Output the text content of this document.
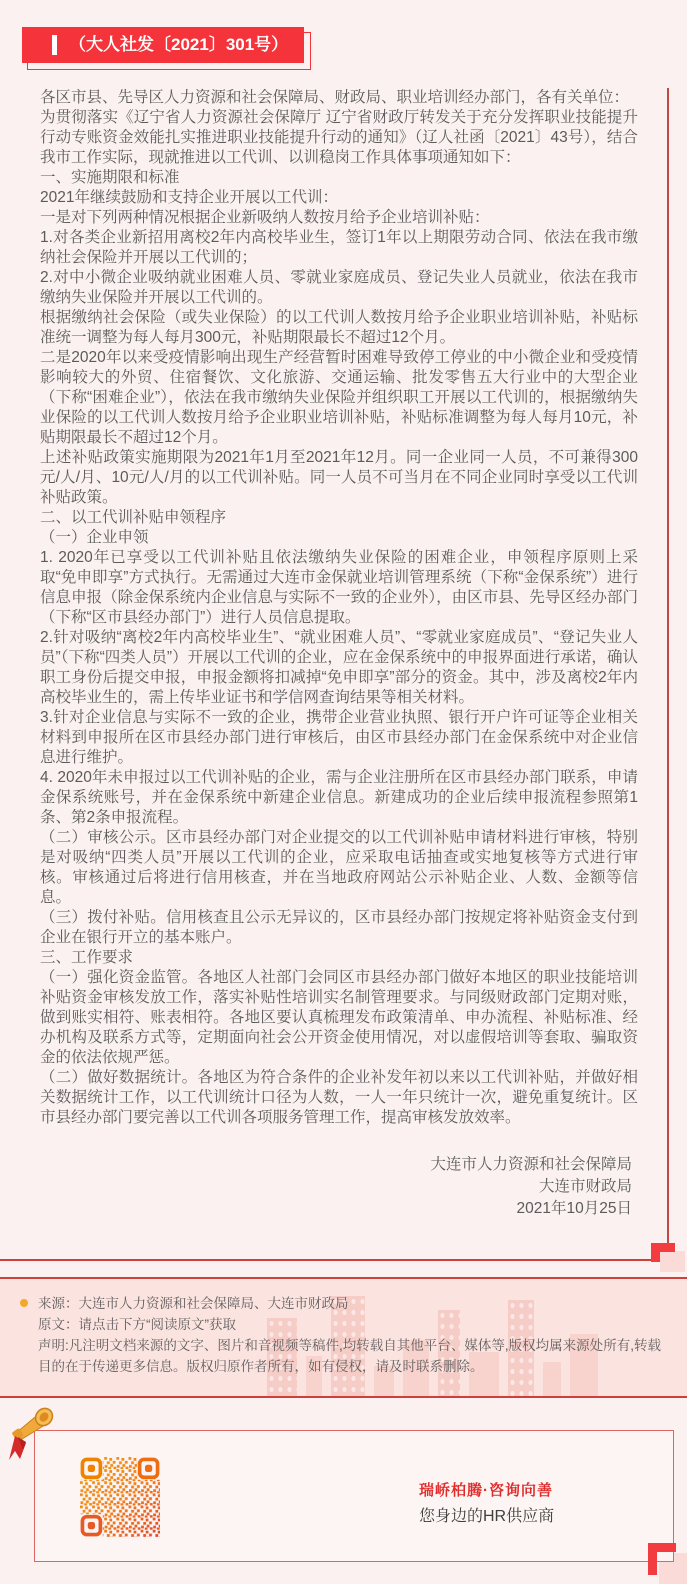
（大人社发〔2021〕301号）

各区市县、先导区人力资源和社会保障局、财政局、职业培训经办部门，各有关单位：

为贯彻落实《辽宁省人力资源社会保障厅 辽宁省财政厅转发关于充分发挥职业技能提升行动专账资金效能扎实推进职业技能提升行动的通知》（辽人社函〔2021〕43号），结合我市工作实际，现就推进以工代训、以训稳岗工作具体事项通知如下：

一、实施期限和标准

2021年继续鼓励和支持企业开展以工代训：

一是对下列两种情况根据企业新吸纳人数按月给予企业培训补贴：

1.对各类企业新招用离校2年内高校毕业生，签订1年以上期限劳动合同、依法在我市缴纳社会保险并开展以工代训的；

2.对中小微企业吸纳就业困难人员、零就业家庭成员、登记失业人员就业，依法在我市缴纳失业保险并开展以工代训的。

根据缴纳社会保险（或失业保险）的以工代训人数按月给予企业职业培训补贴，补贴标准统一调整为每人每月300元，补贴期限最长不超过12个月。

二是2020年以来受疫情影响出现生产经营暂时困难导致停工停业的中小微企业和受疫情影响较大的外贸、住宿餐饮、文化旅游、交通运输、批发零售五大行业中的大型企业（下称“困难企业”），依法在我市缴纳失业保险并组织职工开展以工代训的，根据缴纳失业保险的以工代训人数按月给予企业职业培训补贴，补贴标准调整为每人每月10元，补贴期限最长不超过12个月。

上述补贴政策实施期限为2021年1月至2021年12月。同一企业同一人员，不可兼得300元/人/月、10元/人/月的以工代训补贴。同一人员不可当月在不同企业同时享受以工代训补贴政策。

二、以工代训补贴申领程序

（一）企业申领

1. 2020年已享受以工代训补贴且依法缴纳失业保险的困难企业，申领程序原则上采取“免申即享”方式执行。无需通过大连市金保就业培训管理系统（下称“金保系统”）进行信息申报（除金保系统内企业信息与实际不一致的企业外），由区市县、先导区经办部门（下称“区市县经办部门”）进行人员信息提取。

2.针对吸纳“离校2年内高校毕业生”、“就业困难人员”、“零就业家庭成员”、“登记失业人员”（下称“四类人员”）开展以工代训的企业，应在金保系统中的申报界面进行承诺，确认职工身份后提交申报，申报金额将扣减掉“免申即享”部分的资金。其中，涉及离校2年内高校毕业生的，需上传毕业证书和学信网查询结果等相关材料。

3.针对企业信息与实际不一致的企业，携带企业营业执照、银行开户许可证等企业相关材料到申报所在区市县经办部门进行审核后，由区市县经办部门在金保系统中对企业信息进行维护。

4. 2020年未申报过以工代训补贴的企业，需与企业注册所在区市县经办部门联系，申请金保系统账号，并在金保系统中新建企业信息。新建成功的企业后续申报流程参照第1条、第2条申报流程。

（二）审核公示。区市县经办部门对企业提交的以工代训补贴申请材料进行审核，特别是对吸纳“四类人员”开展以工代训的企业，应采取电话抽查或实地复核等方式进行审核。审核通过后将进行信用核查，并在当地政府网站公示补贴企业、人数、金额等信息。

（三）拨付补贴。信用核查且公示无异议的，区市县经办部门按规定将补贴资金支付到企业在银行开立的基本账户。

三、工作要求

（一）强化资金监管。各地区人社部门会同区市县经办部门做好本地区的职业技能培训补贴资金审核发放工作，落实补贴性培训实名制管理要求。与同级财政部门定期对账，做到账实相符、账表相符。各地区要认真梳理发布政策清单、申办流程、补贴标准、经办机构及联系方式等，定期面向社会公开资金使用情况，对以虚假培训等套取、骗取资金的依法依规严惩。

（二）做好数据统计。各地区为符合条件的企业补发年初以来以工代训补贴，并做好相关数据统计工作，以工代训统计口径为人数，一人一年只统计一次，避免重复统计。区市县经办部门要完善以工代训各项服务管理工作，提高审核发放效率。

大连市人力资源和社会保障局
大连市财政局
2021年10月25日
来源：大连市人力资源和社会保障局、大连市财政局
原文：请点击下方“阅读原文”获取
声明:凡注明文档来源的文字、图片和音视频等稿件,均转载自其他平台、媒体等,版权均属来源处所有,转载目的在于传递更多信息。版权归原作者所有，如有侵权，请及时联系删除。
瑞峤柏腾·咨询向善
您身边的HR供应商
